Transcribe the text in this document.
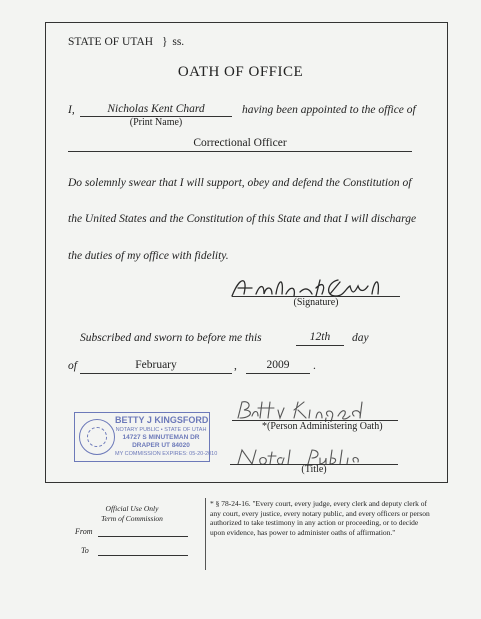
STATE OF UTAH } ss.
OATH OF OFFICE
I,	Nicholas Kent Chard	having been appointed to the office of
(Print Name)
Correctional Officer
Do solemnly swear that I will support, obey and defend the Constitution of
the United States and the Constitution of this State and that I will discharge
the duties of my office with fidelity.
(Signature)
Subscribed and sworn to before me this	12th	day
of	February	,	2009	.
BETTY J KINGSFORD
NOTARY PUBLIC • STATE OF UTAH
14727 S MINUTEMAN DR
DRAPER UT 84020
MY COMMISSION EXPIRES: 05-20-2010
*(Person Administering Oath)
(Title)
Official Use Only
Term of Commission
From
To
* § 78-24-16. "Every court, every judge, every clerk and deputy clerk of any court, every justice, every notary public, and every officers or person authorized to take testimony in any action or proceeding, or to decide upon evidence, has power to administer oaths of affirmation."
